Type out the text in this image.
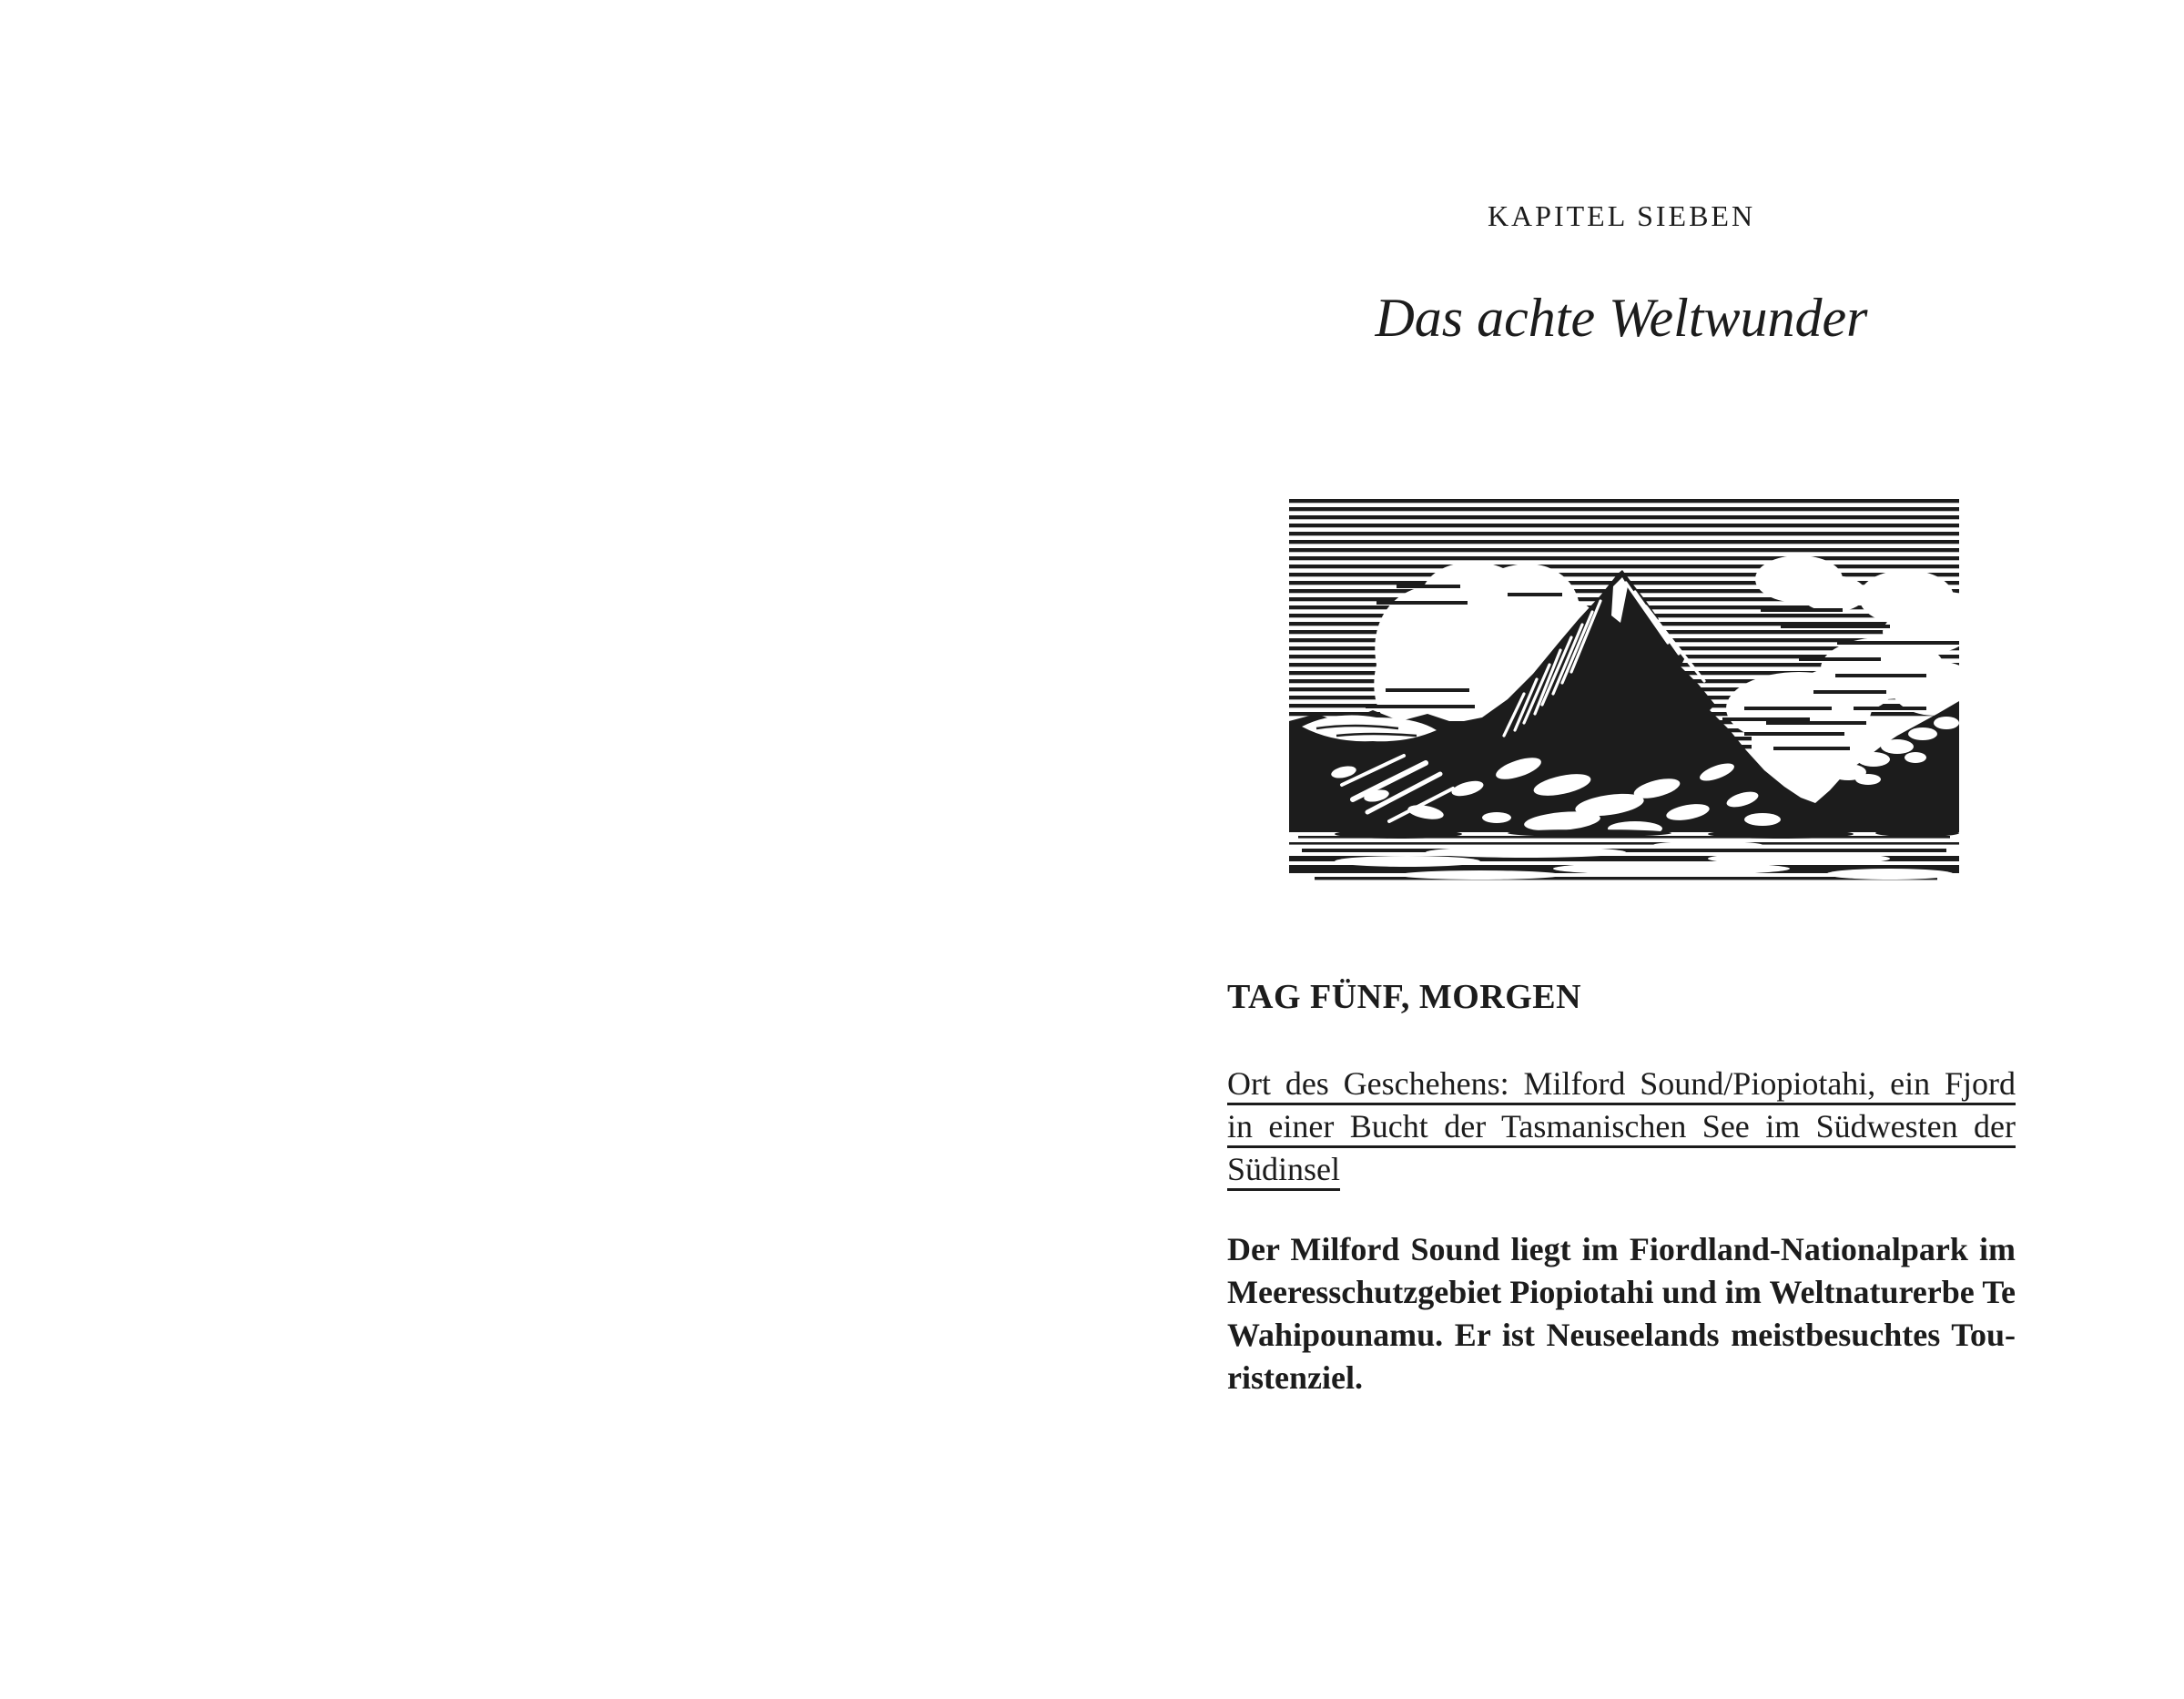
KAPITEL SIEBEN
Das achte Weltwunder
TAG FÜNF, MORGEN
Ort des Geschehens: Milford Sound/Piopiotahi, ein Fjord
in einer Bucht der Tasmanischen See im Südwesten der
Südinsel
Der Milford Sound liegt im Fiordland-Nationalpark im
Meeresschutzgebiet Piopiotahi und im Weltnaturerbe Te
Wahipounamu. Er ist Neuseelands meistbesuchtes Tou-
ristenziel.
